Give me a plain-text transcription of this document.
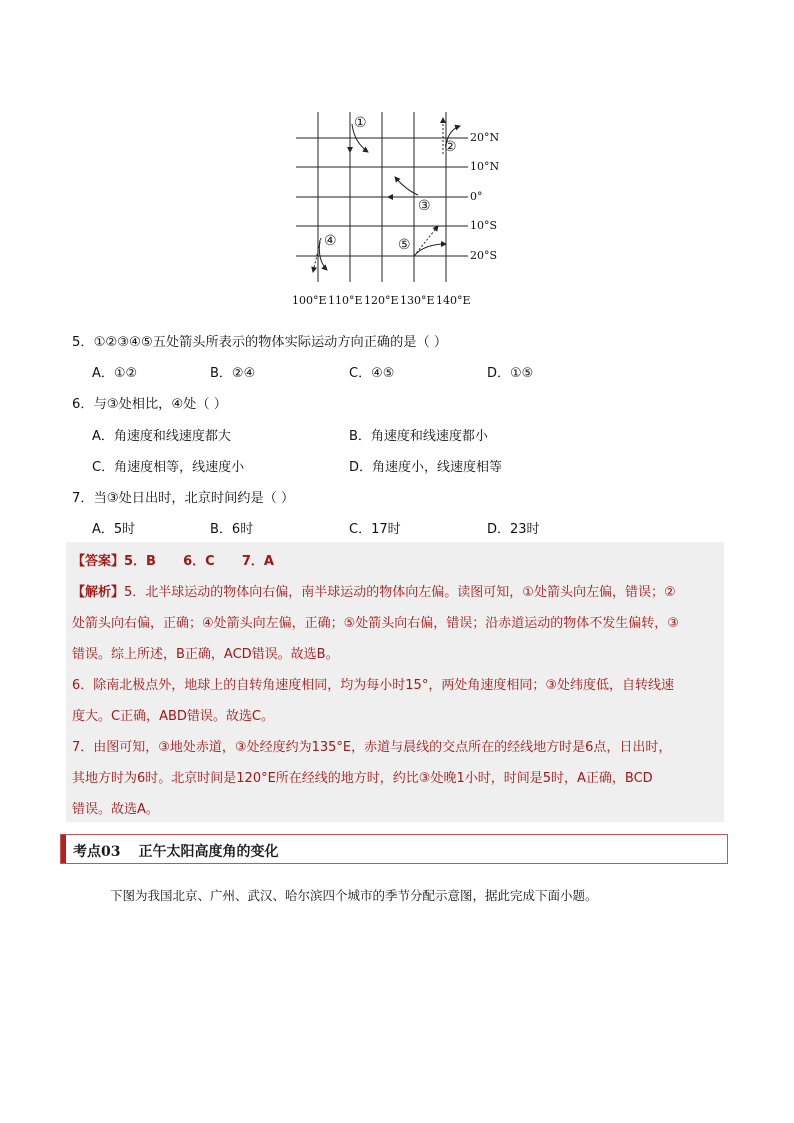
①
②
③
④	⑤
20°N
10°N
0°
10°S
20°S
100°E 110°E 120°E 130°E 140°E
5．①②③④⑤五处箭头所表示的物体实际运动方向正确的是（ ）
A．①②	B．②④	C．④⑤	D．①⑤
6．与③处相比，④处（ ）
A．角速度和线速度都大	B．角速度和线速度都小
C．角速度相等，线速度小	D．角速度小，线速度相等
7．当③处日出时，北京时间约是（ ）
A．5时	B．6时	C．17时	D．23时
【答案】5．B      6．C      7．A
【解析】5．北半球运动的物体向右偏，南半球运动的物体向左偏。读图可知，①处箭头向左偏，错误；②
处箭头向右偏，正确；④处箭头向左偏，正确；⑤处箭头向右偏，错误；沿赤道运动的物体不发生偏转，③
错误。综上所述，B正确，ACD错误。故选B。
6．除南北极点外，地球上的自转角速度相同，均为每小时15°，两处角速度相同；③处纬度低，自转线速
度大。C正确，ABD错误。故选C。
7．由图可知，③地处赤道，③处经度约为135°E，赤道与晨线的交点所在的经线地方时是6点，日出时，
其地方时为6时。北京时间是120°E所在经线的地方时，约比③处晚1小时，时间是5时，A正确，BCD
错误。故选A。
考点03 正午太阳高度角的变化
下图为我国北京、广州、武汉、哈尔滨四个城市的季节分配示意图，据此完成下面小题。
